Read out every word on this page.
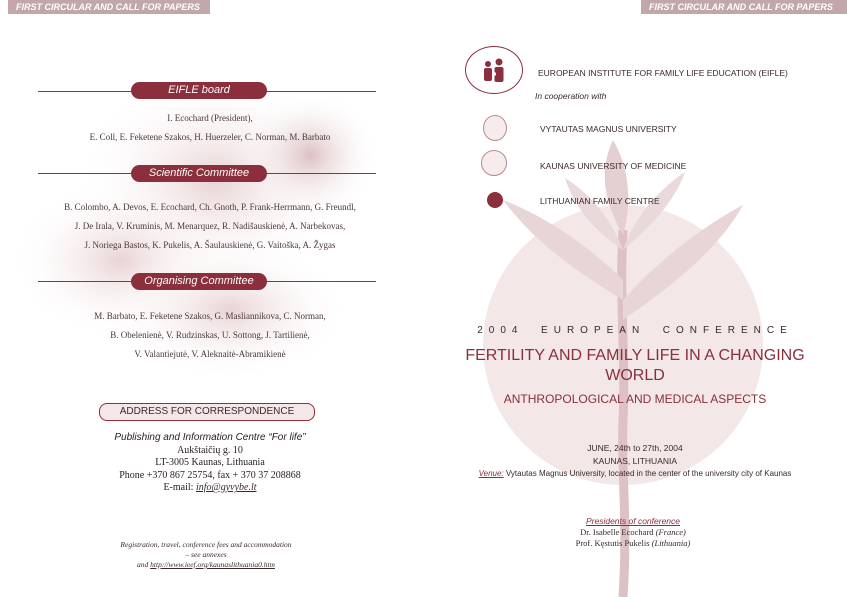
FIRST CIRCULAR AND CALL FOR PAPERS
EIFLE board
I. Ecochard (President),
E. Coll, E. Feketene Szakos, H. Huerzeler, C. Norman, M. Barbato
Scientific Committee
B. Colombo, A. Devos, E. Ecochard, Ch. Gnoth, P. Frank-Herrmann, G. Freundl,
J. De Irala, V. Kruminis, M. Menarquez, R. Nadišauskienė, A. Narbekovas,
J. Noriega Bastos, K. Pukelis, A. Šaulauskienė, G. Vaitoška, A. Žygas
Organising Committee
M. Barbato, E. Feketene Szakos, G. Masliannikova, C. Norman,
B. Obelenienė, V. Rudzinskas, U. Sottong, J. Tartilienė,
V. Valantiejutė, V. Aleknaitė-Abramikienė
ADDRESS FOR CORRESPONDENCE
Publishing and Information Centre “For life”
Aukštaičių g. 10
LT-3005 Kaunas, Lithuania
Phone +370 867 25754, fax + 370 37 208868
E-mail: info@gyvybe.lt
Registration, travel, conference fees and accommodation
– see annexes
and http://www.ieef.org/kaunaslithuania0.htm
FIRST CIRCULAR AND CALL FOR PAPERS
EUROPEAN INSTITUTE FOR FAMILY LIFE EDUCATION (EIFLE)
In cooperation with
VYTAUTAS MAGNUS UNIVERSITY
KAUNAS UNIVERSITY OF MEDICINE
LITHUANIAN FAMILY CENTRE
2004  EUROPEAN  CONFERENCE
FERTILITY AND FAMILY LIFE IN A CHANGING
WORLD
ANTHROPOLOGICAL AND MEDICAL ASPECTS
JUNE, 24th to 27th, 2004
KAUNAS, LITHUANIA
Venue: Vytautas Magnus University, located in the center of the university city of Kaunas
Presidents of conference
Dr. Isabelle Ecochard (France)
Prof. Kęstutis Pukelis (Lithuania)
